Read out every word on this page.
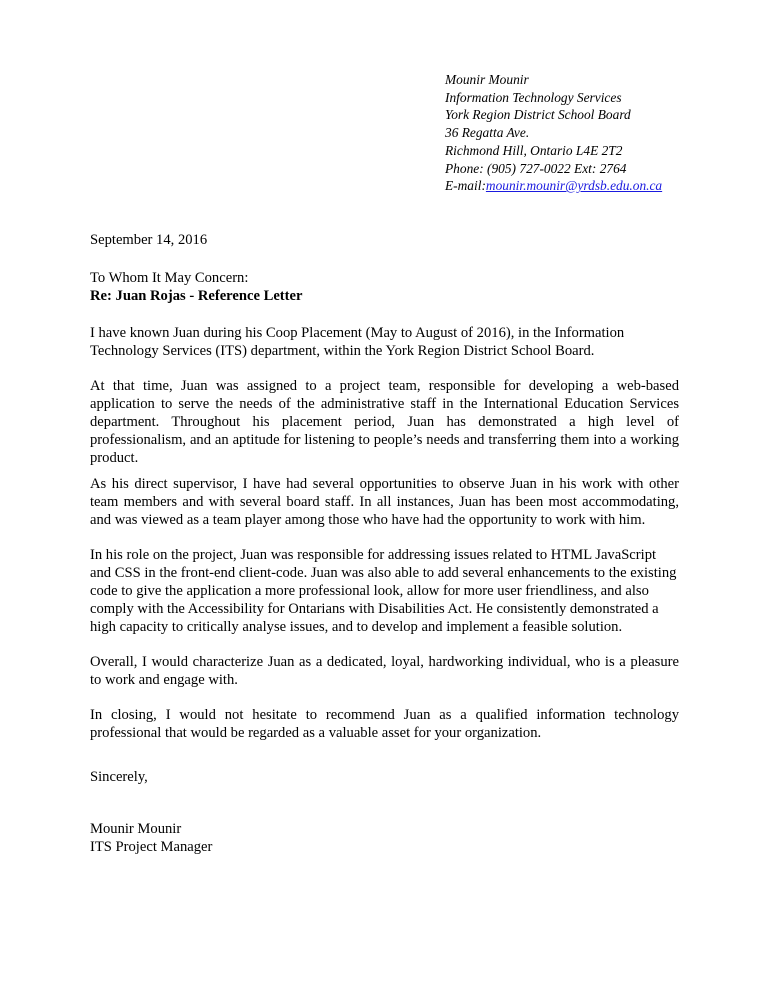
Mounir Mounir
Information Technology Services
York Region District School Board
36 Regatta Ave.
Richmond Hill, Ontario L4E 2T2
Phone: (905) 727-0022 Ext: 2764
E-mail:mounir.mounir@yrdsb.edu.on.ca
September 14, 2016
To Whom It May Concern:
Re: Juan Rojas - Reference Letter

I have known Juan during his Coop Placement (May to August of 2016), in the Information Technology Services (ITS) department, within the York Region District School Board.

At that time, Juan was assigned to a project team, responsible for developing a web-based application to serve the needs of the administrative staff in the International Education Services department. Throughout his placement period, Juan has demonstrated a high level of professionalism, and an aptitude for listening to people’s needs and transferring them into a working product.

As his direct supervisor, I have had several opportunities to observe Juan in his work with other team members and with several board staff. In all instances, Juan has been most accommodating, and was viewed as a team player among those who have had the opportunity to work with him.

In his role on the project, Juan was responsible for addressing issues related to HTML JavaScript and CSS in the front-end client-code. Juan was also able to add several enhancements to the existing code to give the application a more professional look, allow for more user friendliness, and also comply with the Accessibility for Ontarians with Disabilities Act. He consistently demonstrated a high capacity to critically analyse issues, and to develop and implement a feasible solution.

Overall, I would characterize Juan as a dedicated, loyal, hardworking individual, who is a pleasure to work and engage with.

In closing, I would not hesitate to recommend Juan as a qualified information technology professional that would be regarded as a valuable asset for your organization.

Sincerely,
Mounir Mounir
ITS Project Manager
